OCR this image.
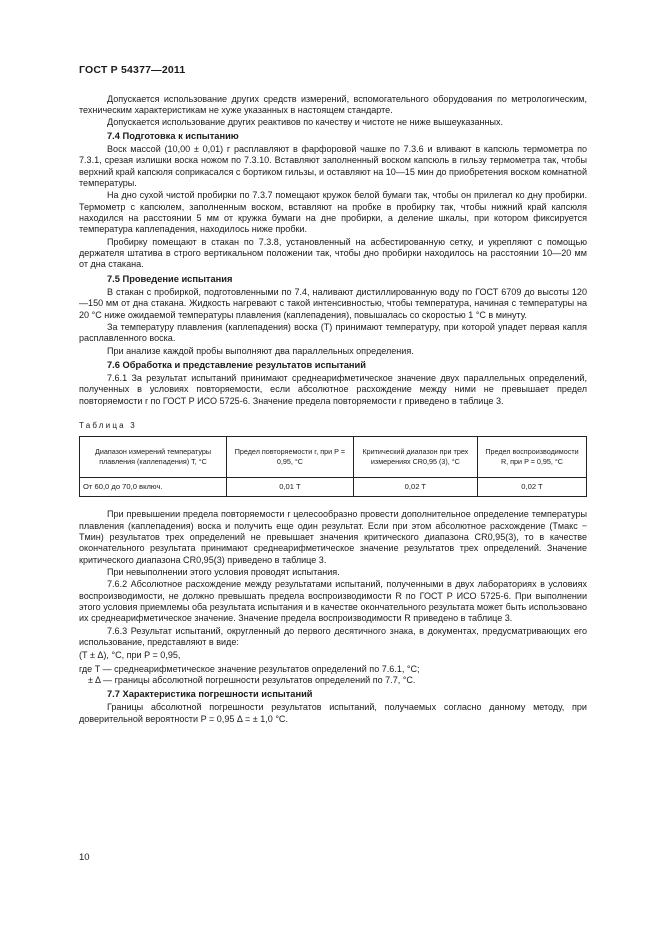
ГОСТ Р 54377—2011

Допускается использование других средств измерений, вспомогательного оборудования по метрологическим, техническим характеристикам не хуже указанных в настоящем стандарте.

Допускается использование других реактивов по качеству и чистоте не ниже вышеуказанных.

7.4 Подготовка к испытанию

Воск массой (10,00 ± 0,01) г расплавляют в фарфоровой чашке по 7.3.6 и вливают в капсюль термометра по 7.3.1, срезая излишки воска ножом по 7.3.10. Вставляют заполненный воском капсюль в гильзу термометра так, чтобы верхний край капсюля соприкасался с бортиком гильзы, и оставляют на 10—15 мин до приобретения воском комнатной температуры.

На дно сухой чистой пробирки по 7.3.7 помещают кружок белой бумаги так, чтобы он прилегал ко дну пробирки. Термометр с капсюлем, заполненным воском, вставляют на пробке в пробирку так, чтобы нижний край капсюля находился на расстоянии 5 мм от кружка бумаги на дне пробирки, а деление шкалы, при котором фиксируется температура каплепадения, находилось ниже пробки.

Пробирку помещают в стакан по 7.3.8, установленный на асбестированную сетку, и укрепляют с помощью держателя штатива в строго вертикальном положении так, чтобы дно пробирки находилось на расстоянии 10—20 мм от дна стакана.

7.5 Проведение испытания

В стакан с пробиркой, подготовленными по 7.4, наливают дистиллированную воду по ГОСТ 6709 до высоты 120—150 мм от дна стакана. Жидкость нагревают с такой интенсивностью, чтобы температура, начиная с температуры на 20 °С ниже ожидаемой температуры плавления (каплепадения), повышалась со скоростью 1 °С в минуту.

За температуру плавления (каплепадения) воска (T) принимают температуру, при которой упадет первая капля расплавленного воска.

При анализе каждой пробы выполняют два параллельных определения.

7.6 Обработка и представление результатов испытаний

7.6.1 За результат испытаний принимают среднеарифметическое значение двух параллельных определений, полученных в условиях повторяемости, если абсолютное расхождение между ними не превышает предел повторяемости r по ГОСТ Р ИСО 5725-6. Значение предела повторяемости r приведено в таблице 3.

Таблица 3
Диапазон измерений температуры плавления (каплепадения) T, °С	Предел повторяемости r, при P = 0,95, °С	Критический диапазон при трех измерениях CR0,95 (3), °С	Предел воспроизводимости R, при P = 0,95, °С
От 60,0 до 70,0 включ.	0,01 T	0,02 T	0,02 T

При превышении предела повторяемости r целесообразно провести дополнительное определение температуры плавления (каплепадения) воска и получить еще один результат. Если при этом абсолютное расхождение (Tмакс − Tмин) результатов трех определений не превышает значения критического диапазона CR0,95(3), то в качестве окончательного результата принимают среднеарифметическое значение результатов трех определений. Значение критического диапазона CR0,95(3) приведено в таблице 3.

При невыполнении этого условия проводят испытания.

7.6.2 Абсолютное расхождение между результатами испытаний, полученными в двух лабораториях в условиях воспроизводимости, не должно превышать предела воспроизводимости R по ГОСТ Р ИСО 5725-6. При выполнении этого условия приемлемы оба результата испытания и в качестве окончательного результата может быть использовано их среднеарифметическое значение. Значение предела воспроизводимости R приведено в таблице 3.

7.6.3 Результат испытаний, округленный до первого десятичного знака, в документах, предусматривающих его использование, представляют в виде:

(T ± Δ), °С, при P = 0,95,

где T — среднеарифметическое значение результатов определений по 7.6.1, °С;

± Δ — границы абсолютной погрешности результатов определений по 7.7, °С.

7.7 Характеристика погрешности испытаний

Границы абсолютной погрешности результатов испытаний, получаемых согласно данному методу, при доверительной вероятности P = 0,95 Δ = ± 1,0 °С.

10
